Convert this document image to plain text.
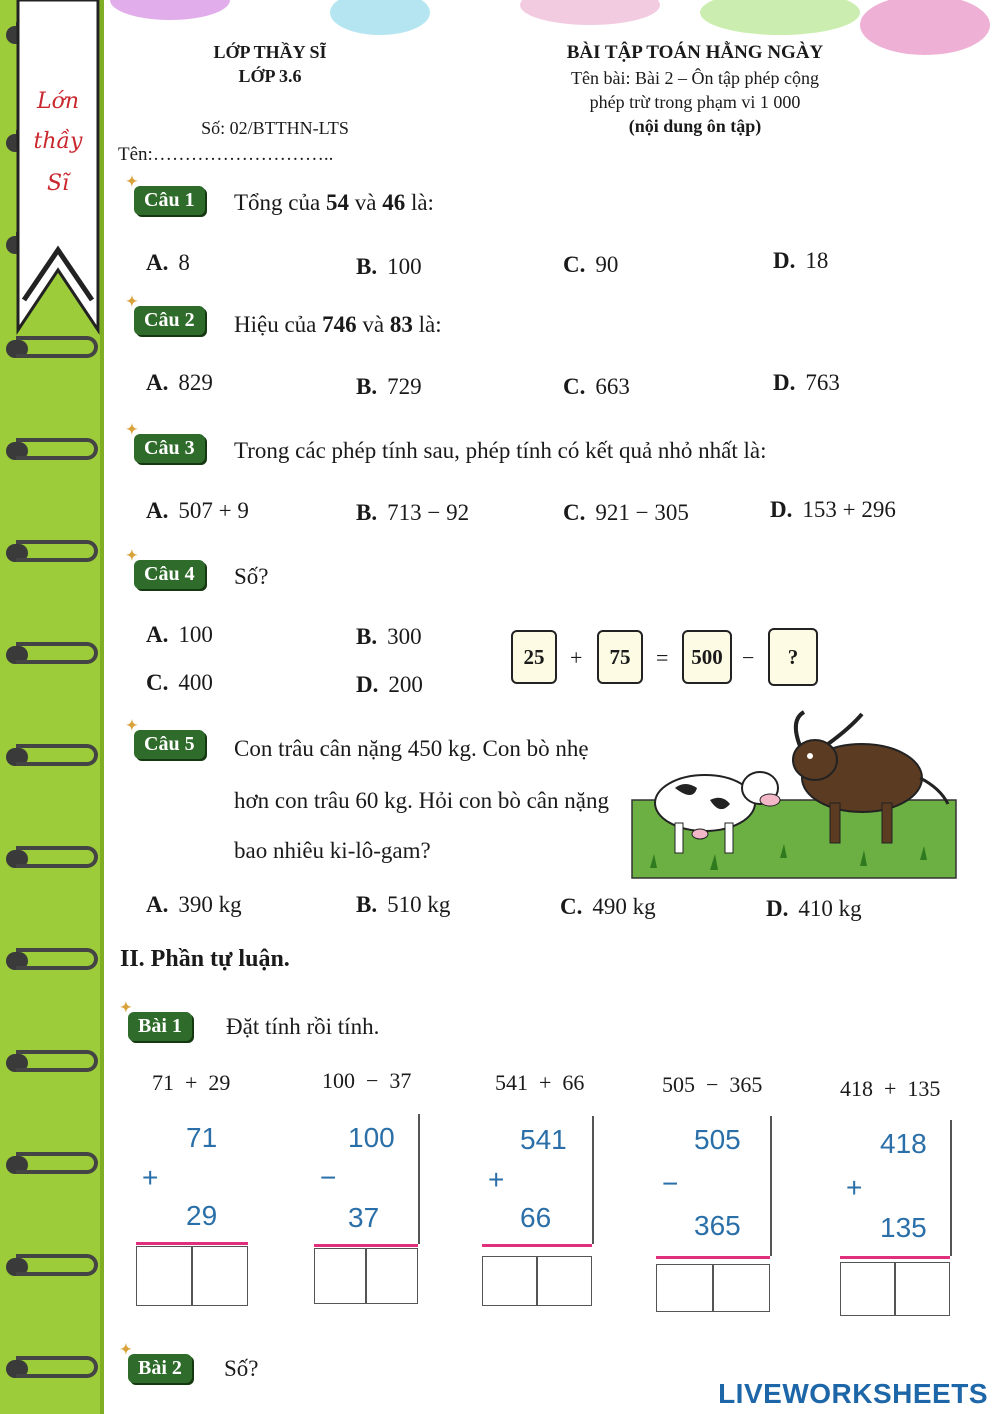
Lớn
thầy
Sĩ
LỚP THẦY SĨ
LỚP 3.6
Số: 02/BTTHN-LTS
Tên:………………………..
BÀI TẬP TOÁN HẰNG NGÀY
Tên bài: Bài 2 – Ôn tập phép cộng
phép trừ trong phạm vi 1 000
(nội dung ôn tập)
✦
Câu 1	Tổng của 54 và 46 là:
A. 8	B. 100	C. 90	D. 18
✦
Câu 2	Hiệu của 746 và 83 là:
A. 829	B. 729	C. 663	D. 763
✦
Câu 3	Trong các phép tính sau, phép tính có kết quả nhỏ nhất là:
A. 507 + 9	B. 713 − 92	C. 921 − 305	D. 153 + 296
✦
Câu 4	Số?
A. 100	B. 300
C. 400	D. 200
25	+	75	=	500 −	?
✦
Câu 5	Con trâu cân nặng 450 kg. Con bò nhẹ
hơn con trâu 60 kg. Hỏi con bò cân nặng
bao nhiêu ki-lô-gam?
A. 390 kg	B. 510 kg	C. 490 kg	D. 410 kg
II. Phần tự luận.
✦
Bài 1	Đặt tính rồi tính.
71  +  29
71
+
29
100  −  37
100
−
37
541  +  66
541
+
66
505  −  365
505
−
365
418  +  135
418
+
135
✦
Bài 2	Số?
LIVEWORKSHEETS
